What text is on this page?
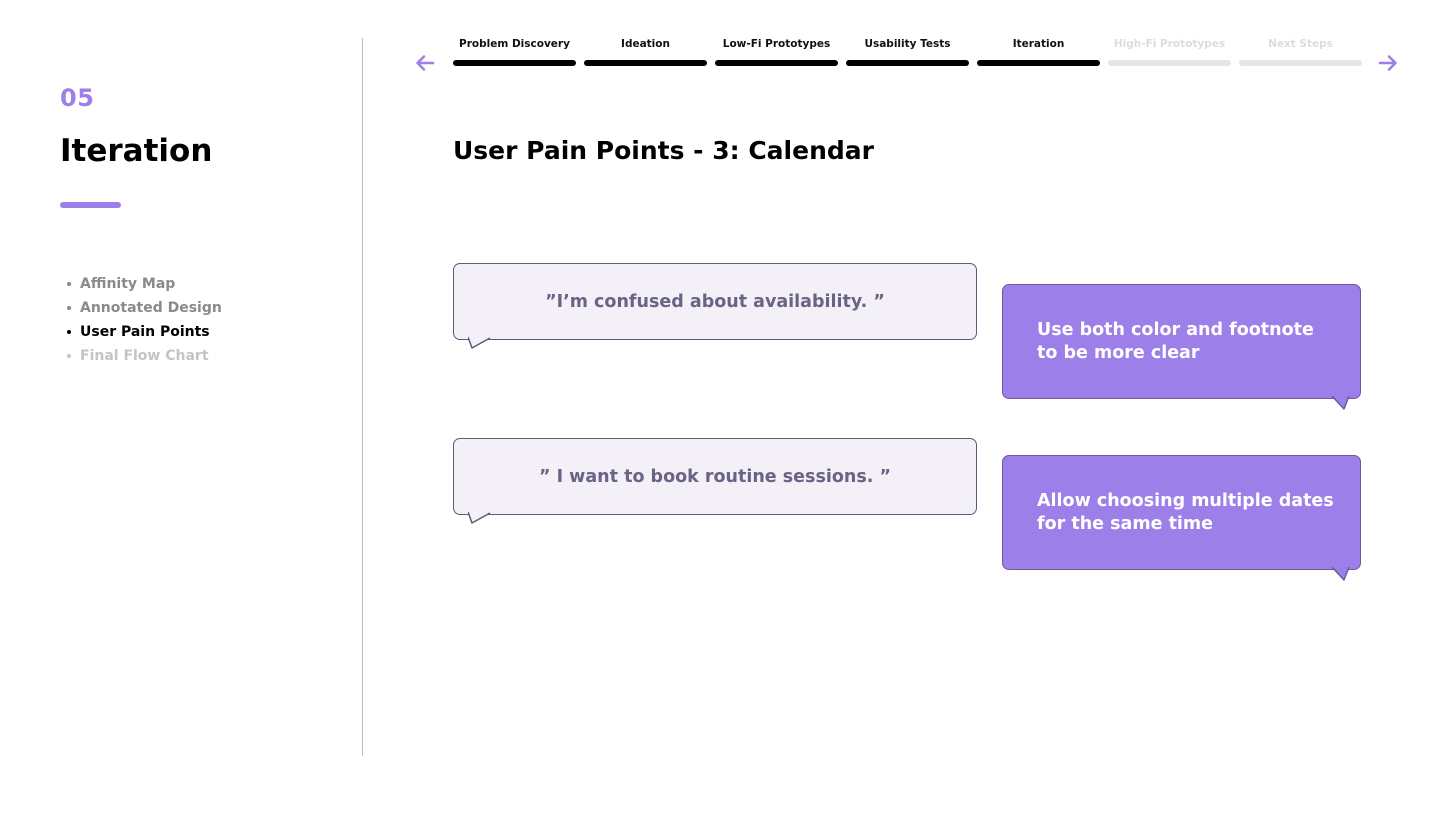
05
Iteration
Affinity Map
Annotated Design
User Pain Points
Final Flow Chart
Problem Discovery	Ideation	Low-Fi Prototypes	Usability Tests	Iteration	High-Fi Prototypes	Next Steps
User Pain Points - 3: Calendar
”I’m confused about availability. ”
Use both color and footnote to be more clear
” I want to book routine sessions. ”
Allow choosing multiple dates for the same time
